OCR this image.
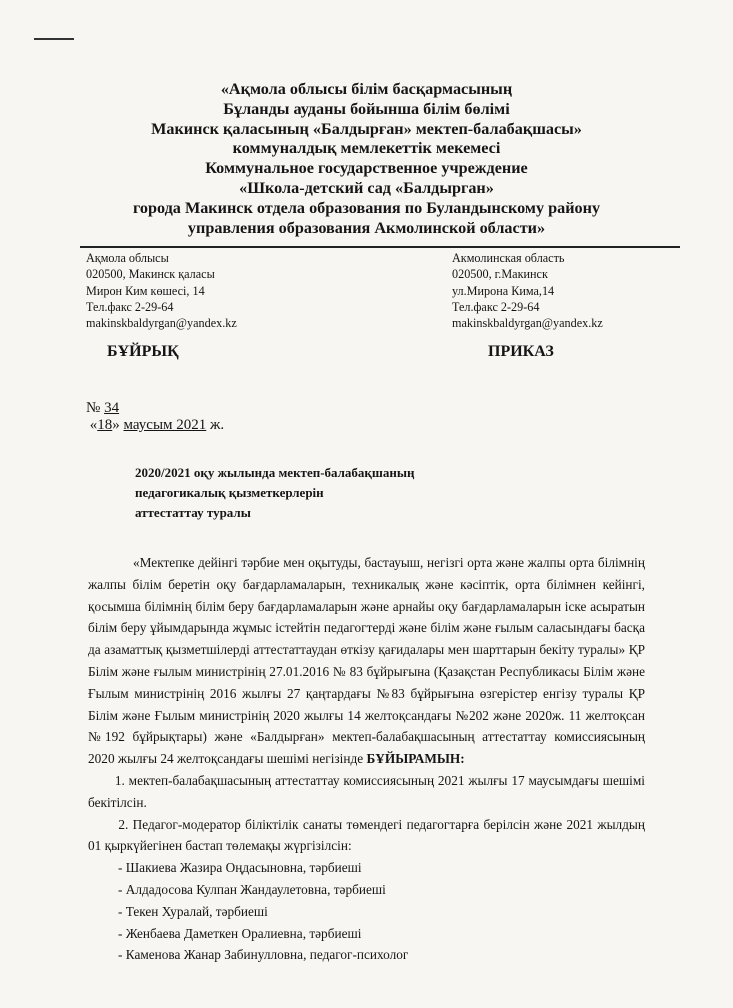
«Ақмола облысы білім басқармасының
Бұланды ауданы бойынша білім бөлімі
Макинск қаласының «Балдырған» мектеп-балабақшасы»
коммуналдық мемлекеттік мекемесі
Коммунальное государственное учреждение
«Школа-детский сад «Балдырган»
города Макинск отдела образования по Буландынскому району
управления образования Акмолинской области»
Ақмола облысы
020500, Макинск қаласы
Мирон Ким көшесі, 14
Тел.факс 2-29-64
makinskbaldyrgan@yandex.kz
Акмолинская область
020500, г.Макинск
ул.Мирона Кима,14
Тел.факс 2-29-64
makinskbaldyrgan@yandex.kz
БҰЙРЫҚ	ПРИКАЗ
№ 34
«18» маусым 2021 ж.
2020/2021 оқу жылында мектеп-балабақшаның
педагогикалық қызметкерлерін
аттестаттау туралы

«Мектепке дейінгі тәрбие мен оқытуды, бастауыш, негізгі орта және жалпы орта білімнің жалпы білім беретін оқу бағдарламаларын, техникалық және кәсіптік, орта білімнен кейінгі, қосымша білімнің білім беру бағдарламаларын және арнайы оқу бағдарламаларын іске асыратын білім беру ұйымдарында жұмыс істейтін педагогтерді және білім және ғылым саласындағы басқа да азаматтық қызметшілерді аттестаттаудан өткізу қағидалары мен шарттарын бекіту туралы» ҚР Білім және ғылым министрінің 27.01.2016 № 83 бұйрығына (Қазақстан Республикасы Білім және Ғылым министрінің 2016 жылғы 27 қаңтардағы №83 бұйрығына өзгерістер енгізу туралы ҚР Білім және Ғылым министрінің 2020 жылғы 14 желтоқсандағы №202 және 2020ж. 11 желтоқсан №192 бұйрықтары) және «Балдырған» мектеп-балабақшасының аттестаттау комиссиясының 2020 жылғы 24 желтоқсандағы шешімі негізінде БҰЙЫРАМЫН:

1. мектеп-балабақшасының аттестаттау комиссиясының 2021 жылғы 17 маусымдағы шешімі бекітілсін.

2. Педагог-модератор біліктілік санаты төмендегі педагогтарға берілсін және 2021 жылдың 01 қыркүйегінен бастап төлемақы жүргізілсін:

- Шакиева Жазира Оңдасыновна, тәрбиеші
- Алдадосова Кулпан Жандаулетовна, тәрбиеші
- Текен Хуралай, тәрбиеші
- Женбаева Даметкен Оралиевна, тәрбиеші
- Каменова Жанар Забинулловна, педагог-психолог
